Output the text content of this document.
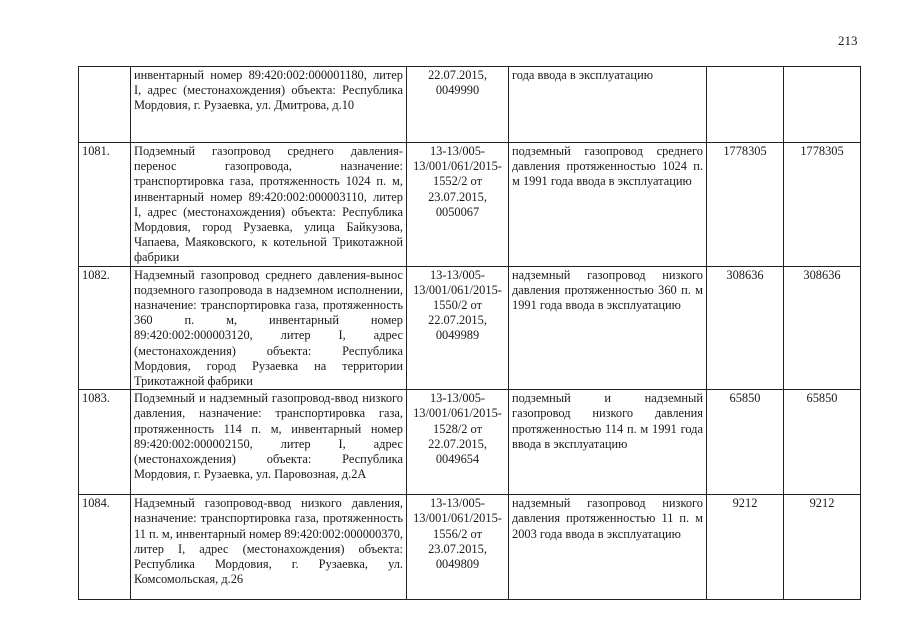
213
	инвентарный номер 89:420:002:000001180, литер I, адрес (местонахождения) объекта: Республика Мордовия, г. Рузаевка, ул. Дмитрова, д.10	22.07.2015, 0049990	года ввода в эксплуатацию		
1081.	Подземный газопровод среднего давления-перенос газопровода, назначение: транспортировка газа, протяженность 1024 п. м, инвентарный номер 89:420:002:000003110, литер I, адрес (местонахождения) объекта: Республика Мордовия, город Рузаевка, улица Байкузова, Чапаева, Маяковского, к котельной Трикотажной фабрики	13-13/005-13/001/061/2015-1552/2 от 23.07.2015, 0050067	подземный газопровод среднего давления протяженностью 1024 п. м 1991 года ввода в эксплуатацию	1778305	1778305
1082.	Надземный газопровод среднего давления-вынос подземного газопровода в надземном исполнении, назначение: транспортировка газа, протяженность 360 п. м, инвентарный номер 89:420:002:000003120, литер I, адрес (местонахождения) объекта: Республика Мордовия, город Рузаевка на территории Трикотажной фабрики	13-13/005-13/001/061/2015-1550/2 от 22.07.2015, 0049989	надземный газопровод низкого давления протяженностью 360 п. м 1991 года ввода в эксплуатацию	308636	308636
1083.	Подземный и надземный газопровод-ввод низкого давления, назначение: транспортировка газа, протяженность 114 п. м, инвентарный номер 89:420:002:000002150, литер I, адрес (местонахождения) объекта: Республика Мордовия, г. Рузаевка, ул. Паровозная, д.2А	13-13/005-13/001/061/2015-1528/2 от 22.07.2015, 0049654	подземный и надземный газопровод низкого давления протяженностью 114 п. м 1991 года ввода в эксплуатацию	65850	65850
1084.	Надземный газопровод-ввод низкого давления, назначение: транспортировка газа, протяженность 11 п. м, инвентарный номер 89:420:002:000000370, литер I, адрес (местонахождения) объекта: Республика Мордовия, г. Рузаевка, ул. Комсомольская, д.26	13-13/005-13/001/061/2015-1556/2 от 23.07.2015, 0049809	надземный газопровод низкого давления протяженностью 11 п. м 2003 года ввода в эксплуатацию	9212	9212
